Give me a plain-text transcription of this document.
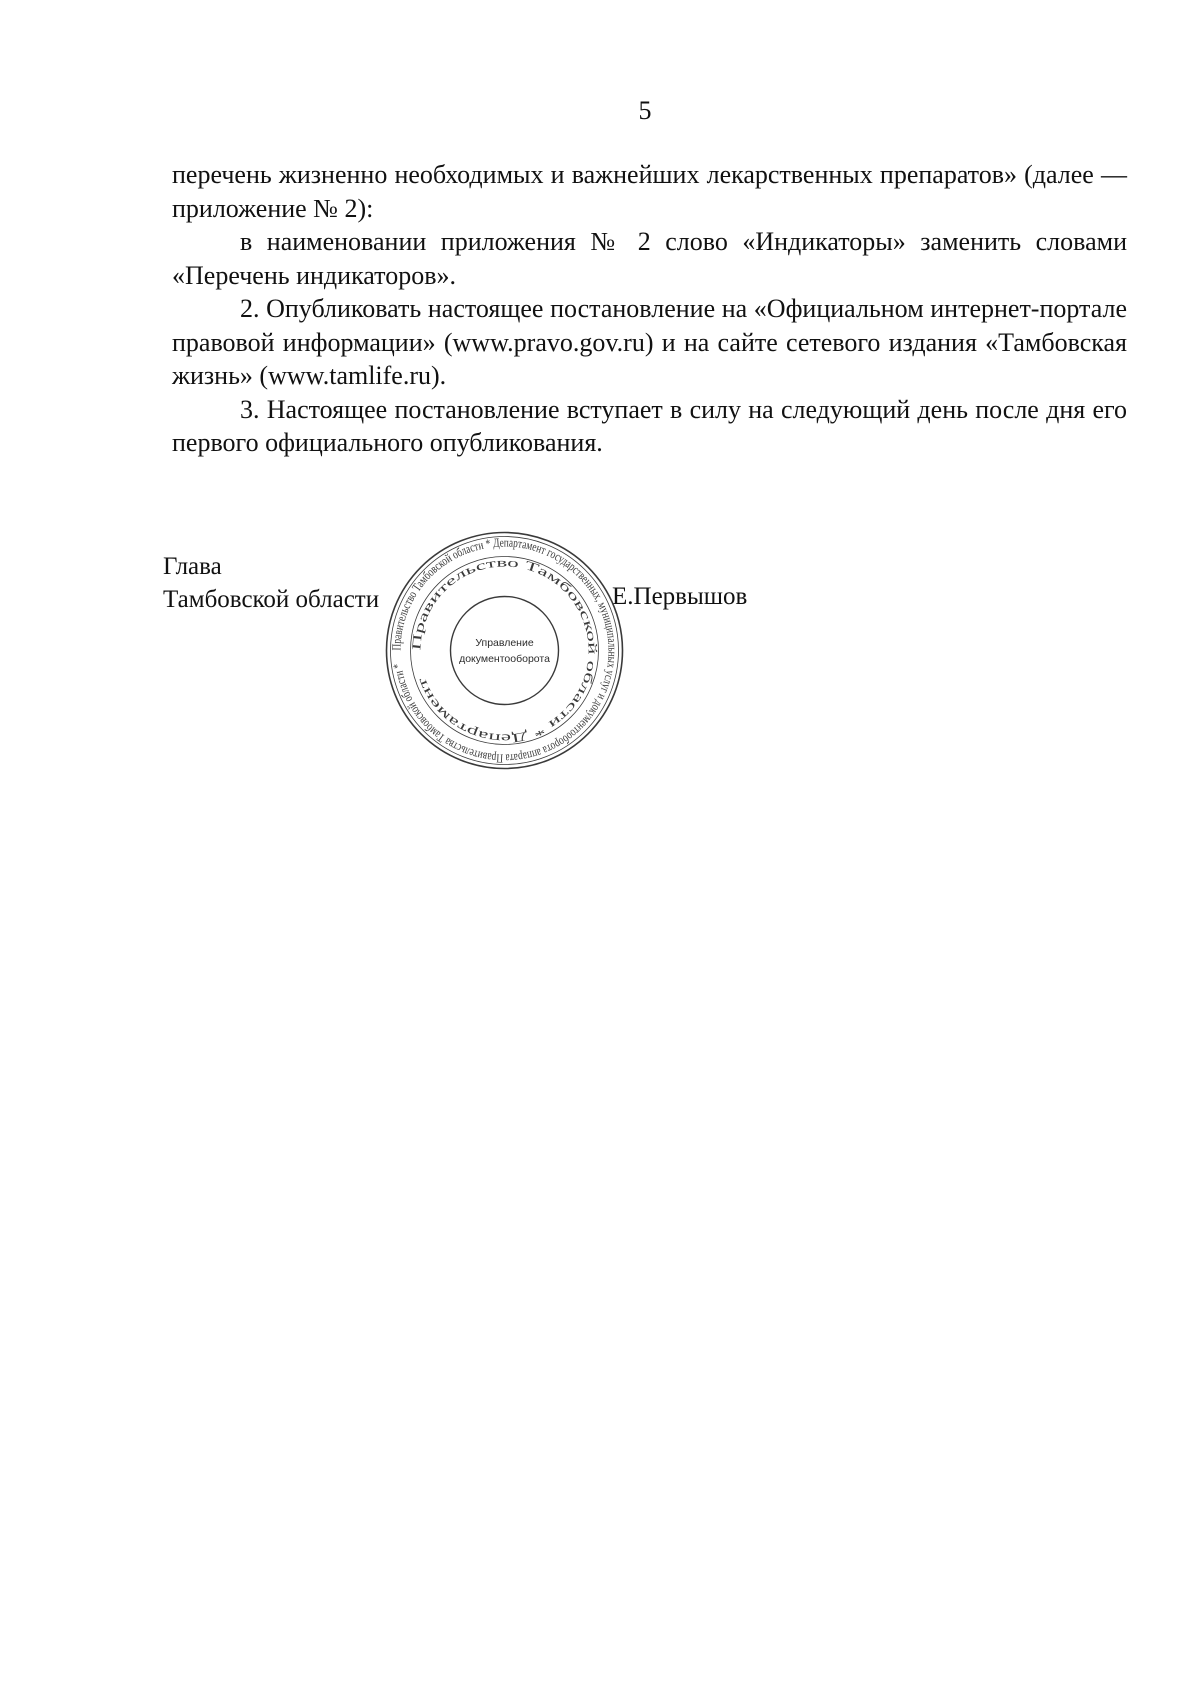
5

перечень жизненно необходимых и важнейших лекарственных препаратов» (далее — приложение № 2):

в наименовании приложения № 2 слово «Индикаторы» заменить словами «Перечень индикаторов».

2. Опубликовать настоящее постановление на «Официальном интернет-портале правовой информации» (www.pravo.gov.ru) и на сайте сетевого издания «Тамбовская жизнь» (www.tamlife.ru).

3. Настоящее постановление вступает в силу на следующий день после дня его первого официального опубликования.

Глава
Тамбовской области	Е.Первышов
Правительство Тамбовской области * Департамент государственных, муниципальных услуг и документооборота аппарата Правительства Тамбовской области *
Правительство Тамбовской области * Департамент
Управление
документооборота
